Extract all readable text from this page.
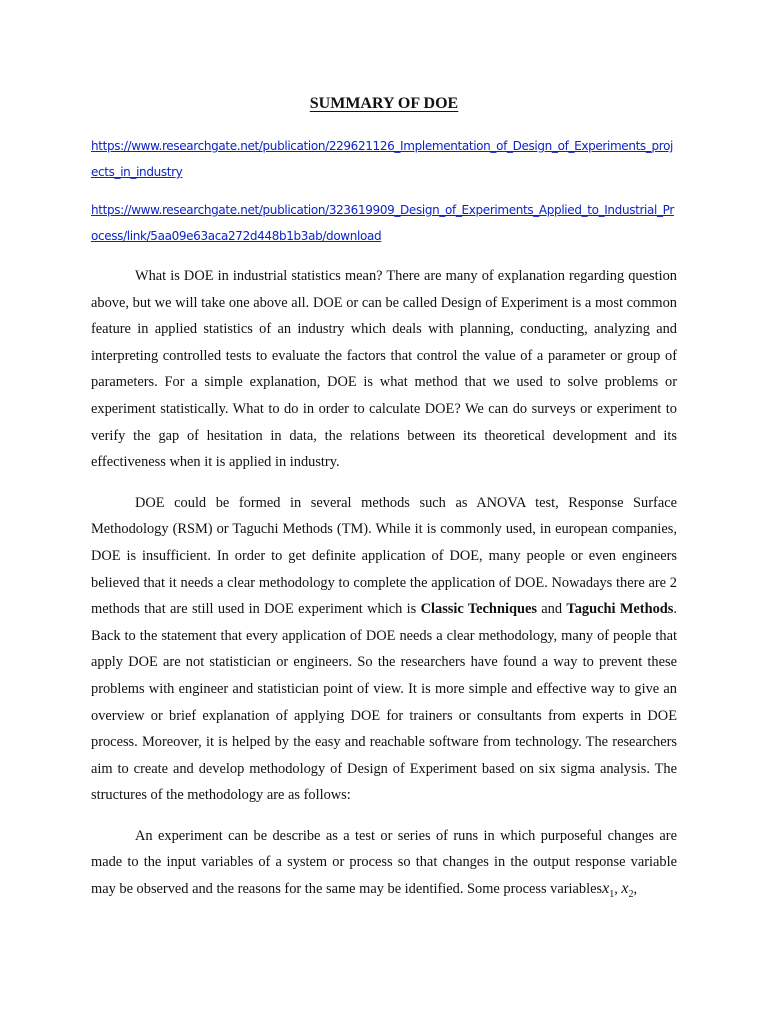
SUMMARY OF DOE
https://www.researchgate.net/publication/229621126_Implementation_of_Design_of_Experiments_projects_in_industry
https://www.researchgate.net/publication/323619909_Design_of_Experiments_Applied_to_Industrial_Process/link/5aa09e63aca272d448b1b3ab/download

What is DOE in industrial statistics mean? There are many of explanation regarding question above, but we will take one above all. DOE or can be called Design of Experiment is a most common feature in applied statistics of an industry which deals with planning, conducting, analyzing and interpreting controlled tests to evaluate the factors that control the value of a parameter or group of parameters. For a simple explanation, DOE is what method that we used to solve problems or experiment statistically. What to do in order to calculate DOE? We can do surveys or experiment to verify the gap of hesitation in data, the relations between its theoretical development and its effectiveness when it is applied in industry.

DOE could be formed in several methods such as ANOVA test, Response Surface Methodology (RSM) or Taguchi Methods (TM). While it is commonly used, in european companies, DOE is insufficient. In order to get definite application of DOE, many people or even engineers believed that it needs a clear methodology to complete the application of DOE. Nowadays there are 2 methods that are still used in DOE experiment which is Classic Techniques and Taguchi Methods. Back to the statement that every application of DOE needs a clear methodology, many of people that apply DOE are not statistician or engineers. So the researchers have found a way to prevent these problems with engineer and statistician point of view. It is more simple and effective way to give an overview or brief explanation of applying DOE for trainers or consultants from experts in DOE process. Moreover, it is helped by the easy and reachable software from technology. The researchers aim to create and develop methodology of Design of Experiment based on six sigma analysis. The structures of the methodology are as follows:

An experiment can be describe as a test or series of runs in which purposeful changes are made to the input variables of a system or process so that changes in the output response variable may be observed and the reasons for the same may be identified. Some process variablesx$_1$, $x_2$,
